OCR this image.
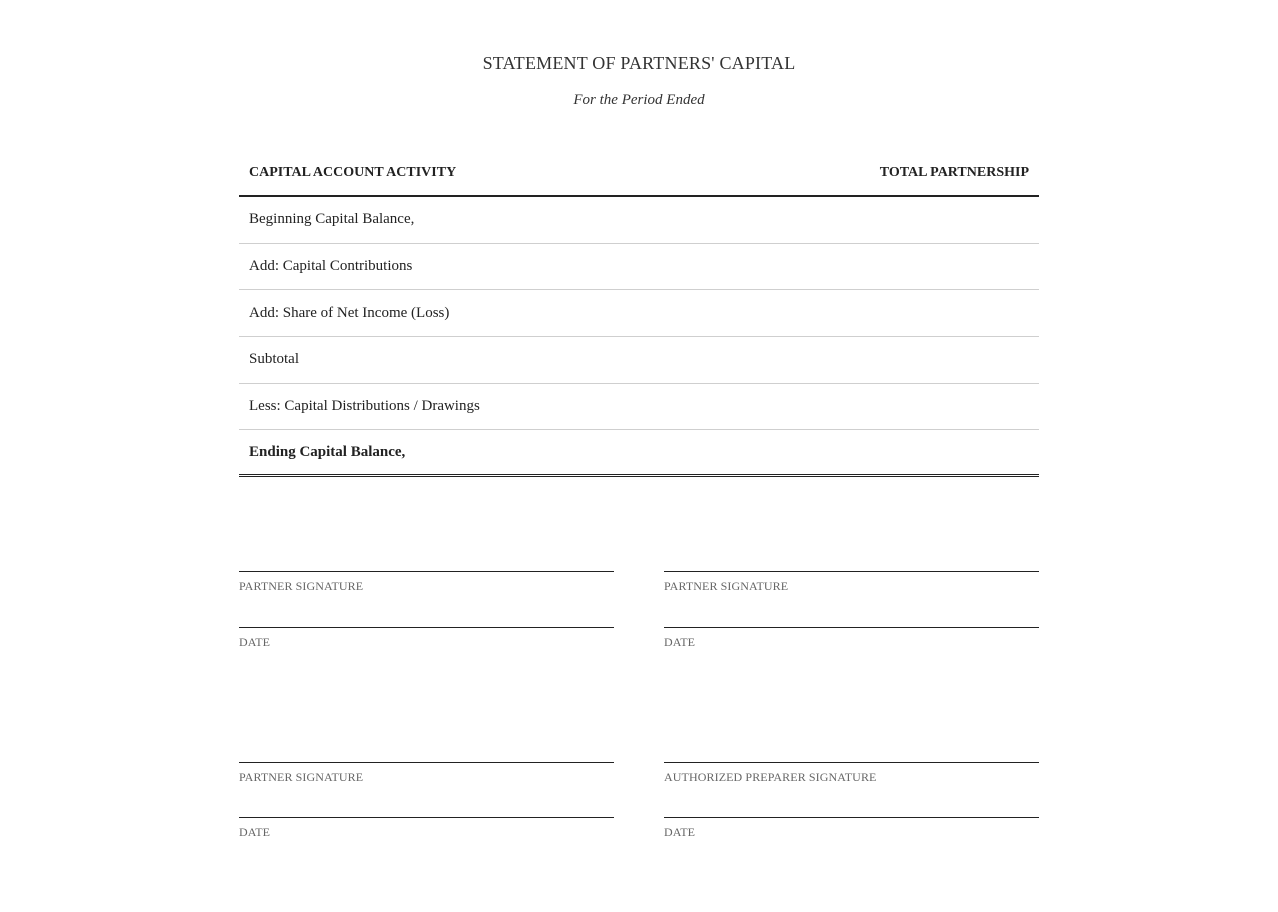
STATEMENT OF PARTNERS' CAPITAL
For the Period Ended
CAPITAL ACCOUNT ACTIVITY	TOTAL PARTNERSHIP
Beginning Capital Balance,
Add: Capital Contributions
Add: Share of Net Income (Loss)
Subtotal
Less: Capital Distributions / Drawings
Ending Capital Balance,
PARTNER SIGNATURE
DATE
PARTNER SIGNATURE
DATE
PARTNER SIGNATURE
DATE
AUTHORIZED PREPARER SIGNATURE
DATE
